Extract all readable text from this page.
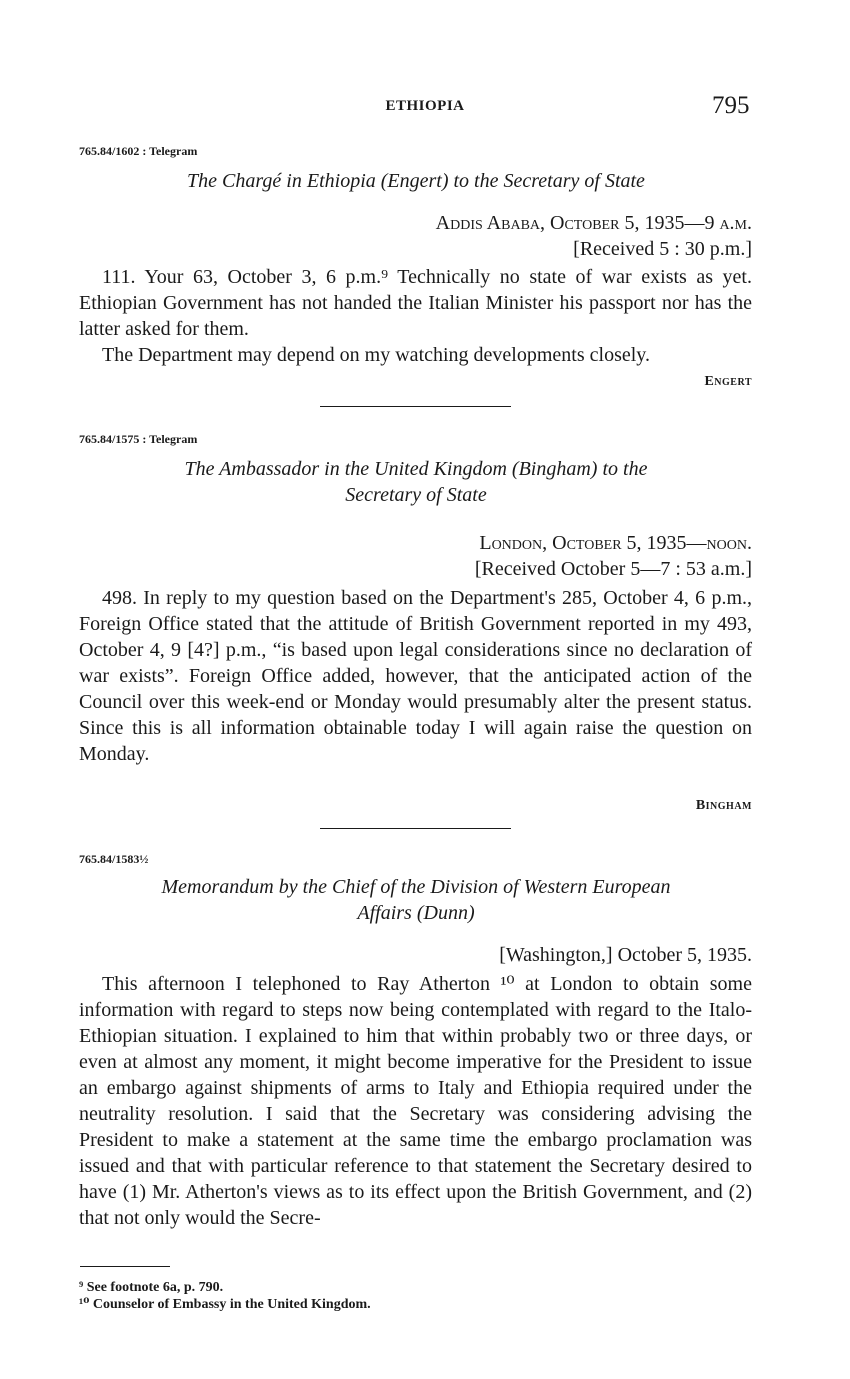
ETHIOPIA	795
765.84/1602 : Telegram
The Chargé in Ethiopia (Engert) to the Secretary of State
Addis Ababa, October 5, 1935—9 a.m.
[Received 5 : 30 p.m.]

111. Your 63, October 3, 6 p.m.⁹ Technically no state of war exists as yet. Ethiopian Government has not handed the Italian Minister his passport nor has the latter asked for them.

The Department may depend on my watching developments closely.

Engert
765.84/1575 : Telegram
The Ambassador in the United Kingdom (Bingham) to the
Secretary of State
London, October 5, 1935—noon.
[Received October 5—7 : 53 a.m.]

498. In reply to my question based on the Department's 285, October 4, 6 p.m., Foreign Office stated that the attitude of British Government reported in my 493, October 4, 9 [4?] p.m., “is based upon legal considerations since no declaration of war exists”. Foreign Office added, however, that the anticipated action of the Council over this week-end or Monday would presumably alter the present status. Since this is all information obtainable today I will again raise the question on Monday.

Bingham
765.84/1583½
Memorandum by the Chief of the Division of Western European
Affairs (Dunn)
[Washington,] October 5, 1935.

This afternoon I telephoned to Ray Atherton ¹⁰ at London to obtain some information with regard to steps now being contemplated with regard to the Italo-Ethiopian situation. I explained to him that within probably two or three days, or even at almost any moment, it might become imperative for the President to issue an embargo against shipments of arms to Italy and Ethiopia required under the neutrality resolution. I said that the Secretary was considering advising the President to make a statement at the same time the embargo proclamation was issued and that with particular reference to that statement the Secretary desired to have (1) Mr. Atherton's views as to its effect upon the British Government, and (2) that not only would the Secre-

⁹ See footnote 6a, p. 790.
¹⁰ Counselor of Embassy in the United Kingdom.
